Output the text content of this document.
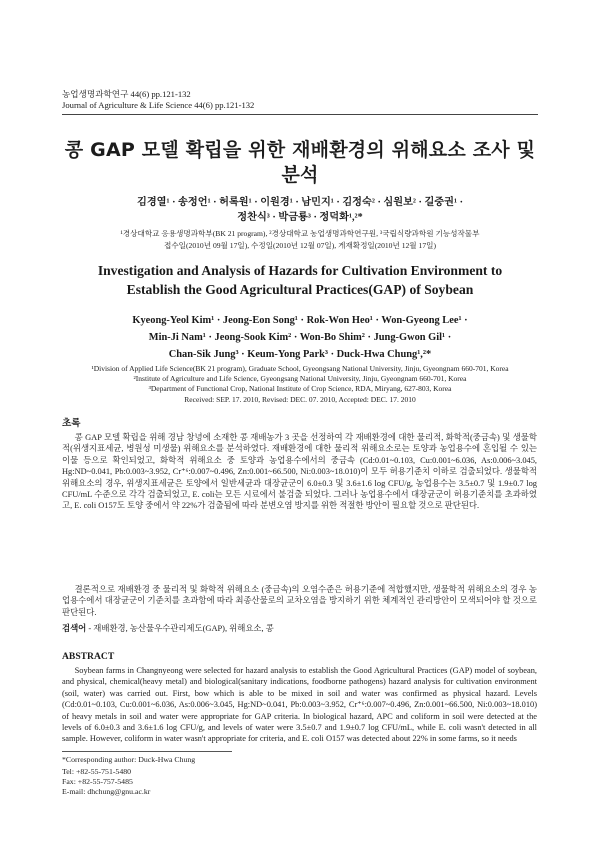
농업생명과학연구 44(6) pp.121-132
Journal of Agriculture & Life Science 44(6) pp.121-132
콩 GAP 모델 확립을 위한 재배환경의 위해요소 조사 및 분석
김경열¹ · 송정언¹ · 허록원¹ · 이원경¹ · 남민지¹ · 김정숙² · 심원보² · 길중권¹ ·
정찬식³ · 박금룡³ · 정덕화¹,²*
¹경상대학교 응용생명과학부(BK 21 program), ²경상대학교 농업생명과학연구원, ³국립식량과학원 기능성작물부
접수일(2010년 09월 17일), 수정일(2010년 12월 07일), 게재확정일(2010년 12월 17일)
Investigation and Analysis of Hazards for Cultivation Environment to
Establish the Good Agricultural Practices(GAP) of Soybean
Kyeong-Yeol Kim¹ · Jeong-Eon Song¹ · Rok-Won Heo¹ · Won-Gyeong Lee¹ ·
Min-Ji Nam¹ · Jeong-Sook Kim² · Won-Bo Shim² · Jung-Gwon Gil¹ ·
Chan-Sik Jung³ · Keum-Yong Park³ · Duck-Hwa Chung¹,²*
¹Division of Applied Life Science(BK 21 program), Graduate School, Gyeongsang National University, Jinju, Gyeongnam 660-701, Korea
²Institute of Agriculture and Life Science, Gyeongsang National University, Jinju, Gyeongnam 660-701, Korea
³Department of Functional Crop, National Institute of Crop Science, RDA, Miryang, 627-803, Korea
Received: SEP. 17. 2010, Revised: DEC. 07. 2010, Accepted: DEC. 17. 2010
초록
콩 GAP 모델 확립을 위해 경남 창녕에 소재한 콩 재배농가 3 곳을 선정하여 각 재배환경에 대한 물리적, 화학적(중금속) 및 생물학적(위생지표세균, 병원성 미생물) 위해요소를 분석하였다. 재배환경에 대한 물리적 위해요소로는 토양과 농업용수에 혼입될 수 있는 이물 등으로 확인되었고, 화학적 위해요소 중 토양과 농업용수에서의 중금속 (Cd:0.01~0.103, Cu:0.001~6.036, As:0.006~3.045, Hg:ND~0.041, Pb:0.003~3.952, Cr⁺⁶:0.007~0.496, Zn:0.001~66.500, Ni:0.003~18.010)이 모두 허용기준치 이하로 검출되었다. 생물학적 위해요소의 경우, 위생지표세균은 토양에서 일반세균과 대장균군이 6.0±0.3 및 3.6±1.6 log CFU/g, 농업용수는 3.5±0.7 및 1.9±0.7 log CFU/mL 수준으로 각각 검출되었고, E. coli는 모든 시료에서 불검출 되었다. 그러나 농업용수에서 대장균군이 허용기준치를 초과하였고, E. coli O157도 토양 중에서 약 22%가 검출됨에 따라 분변오염 방지를 위한 적절한 방안이 필요할 것으로 판단된다.
결론적으로 재배환경 중 물리적 및 화학적 위해요소 (중금속)의 오염수준은 허용기준에 적합했지만, 생물학적 위해요소의 경우 농업용수에서 대장균군이 기준치를 초과함에 따라 최종산물로의 교차오염을 방지하기 위한 체계적인 관리방안이 모색되어야 할 것으로 판단된다.
검색어 - 재배환경, 농산물우수관리제도(GAP), 위해요소, 콩
ABSTRACT
Soybean farms in Changnyeong were selected for hazard analysis to establish the Good Agricultural Practices (GAP) model of soybean, and physical, chemical(heavy metal) and biological(sanitary indications, foodborne pathogens) hazard analysis for cultivation environment (soil, water) was carried out. First, bow which is able to be mixed in soil and water was confirmed as physical hazard. Levels (Cd:0.01~0.103, Cu:0.001~6.036, As:0.006~3.045, Hg:ND~0.041, Pb:0.003~3.952, Cr⁺⁶:0.007~0.496, Zn:0.001~66.500, Ni:0.003~18.010) of heavy metals in soil and water were appropriate for GAP criteria. In biological hazard, APC and coliform in soil were detected at the levels of 6.0±0.3 and 3.6±1.6 log CFU/g, and levels of water were 3.5±0.7 and 1.9±0.7 log CFU/mL, while E. coli wasn't detected in all sample. However, coliform in water wasn't appropriate for criteria, and E. coli O157 was detected about 22% in some farms, so it needs
*Corresponding author: Duck-Hwa Chung
Tel: +82-55-751-5480
Fax: +82-55-757-5485
E-mail: dhchung@gnu.ac.kr
